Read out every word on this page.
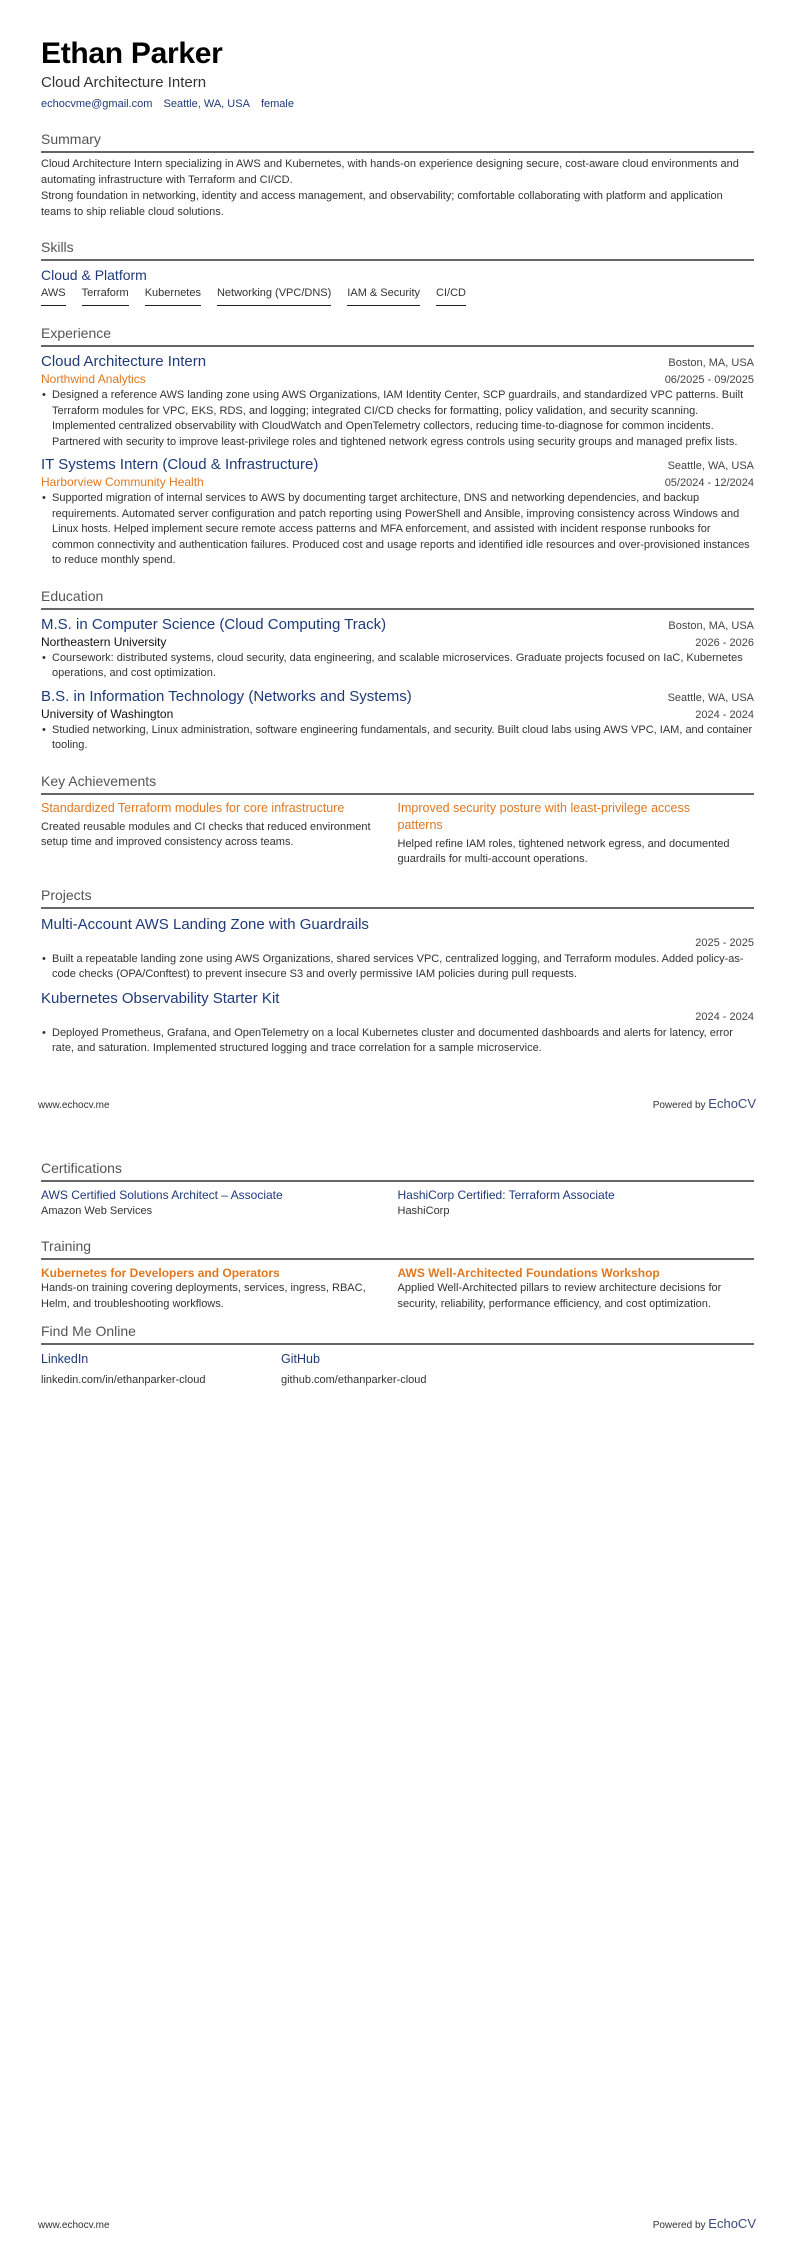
Ethan Parker
Cloud Architecture Intern
echocvme@gmail.com Seattle, WA, USA female
Summary

Cloud Architecture Intern specializing in AWS and Kubernetes, with hands-on experience designing secure, cost-aware cloud environments and automating infrastructure with Terraform and CI/CD.

Strong foundation in networking, identity and access management, and observability; comfortable collaborating with platform and application teams to ship reliable cloud solutions.

Skills
Cloud & Platform
AWS Terraform Kubernetes Networking (VPC/DNS) IAM & Security CI/CD
Experience
Cloud Architecture Intern	Boston, MA, USA
Northwind Analytics	06/2025 - 09/2025
• Designed a reference AWS landing zone using AWS Organizations, IAM Identity Center, SCP guardrails, and standardized VPC patterns. Built Terraform modules for VPC, EKS, RDS, and logging; integrated CI/CD checks for formatting, policy validation, and security scanning. Implemented centralized observability with CloudWatch and OpenTelemetry collectors, reducing time-to-diagnose for common incidents. Partnered with security to improve least-privilege roles and tightened network egress controls using security groups and managed prefix lists.
IT Systems Intern (Cloud & Infrastructure)	Seattle, WA, USA
Harborview Community Health	05/2024 - 12/2024
• Supported migration of internal services to AWS by documenting target architecture, DNS and networking dependencies, and backup requirements. Automated server configuration and patch reporting using PowerShell and Ansible, improving consistency across Windows and Linux hosts. Helped implement secure remote access patterns and MFA enforcement, and assisted with incident response runbooks for common connectivity and authentication failures. Produced cost and usage reports and identified idle resources and over-provisioned instances to reduce monthly spend.
Education
M.S. in Computer Science (Cloud Computing Track)	Boston, MA, USA
Northeastern University	2026 - 2026
• Coursework: distributed systems, cloud security, data engineering, and scalable microservices. Graduate projects focused on IaC, Kubernetes operations, and cost optimization.
B.S. in Information Technology (Networks and Systems)	Seattle, WA, USA
University of Washington	2024 - 2024
• Studied networking, Linux administration, software engineering fundamentals, and security. Built cloud labs using AWS VPC, IAM, and container tooling.
Key Achievements
Standardized Terraform modules for core infrastructure
Created reusable modules and CI checks that reduced environment setup time and improved consistency across teams.
Improved security posture with least-privilege access patterns
Helped refine IAM roles, tightened network egress, and documented guardrails for multi-account operations.
Projects
Multi-Account AWS Landing Zone with Guardrails
2025 - 2025
• Built a repeatable landing zone using AWS Organizations, shared services VPC, centralized logging, and Terraform modules. Added policy-as-code checks (OPA/Conftest) to prevent insecure S3 and overly permissive IAM policies during pull requests.
Kubernetes Observability Starter Kit
2024 - 2024
• Deployed Prometheus, Grafana, and OpenTelemetry on a local Kubernetes cluster and documented dashboards and alerts for latency, error rate, and saturation. Implemented structured logging and trace correlation for a sample microservice.
www.echocv.me	Powered by EchoCV
Certifications
AWS Certified Solutions Architect – Associate
Amazon Web Services
HashiCorp Certified: Terraform Associate
HashiCorp
Training
Kubernetes for Developers and Operators
Hands-on training covering deployments, services, ingress, RBAC, Helm, and troubleshooting workflows.
AWS Well-Architected Foundations Workshop
Applied Well-Architected pillars to review architecture decisions for security, reliability, performance efficiency, and cost optimization.
Find Me Online
LinkedIn
linkedin.com/in/ethanparker-cloud
GitHub
github.com/ethanparker-cloud
www.echocv.me	Powered by EchoCV
